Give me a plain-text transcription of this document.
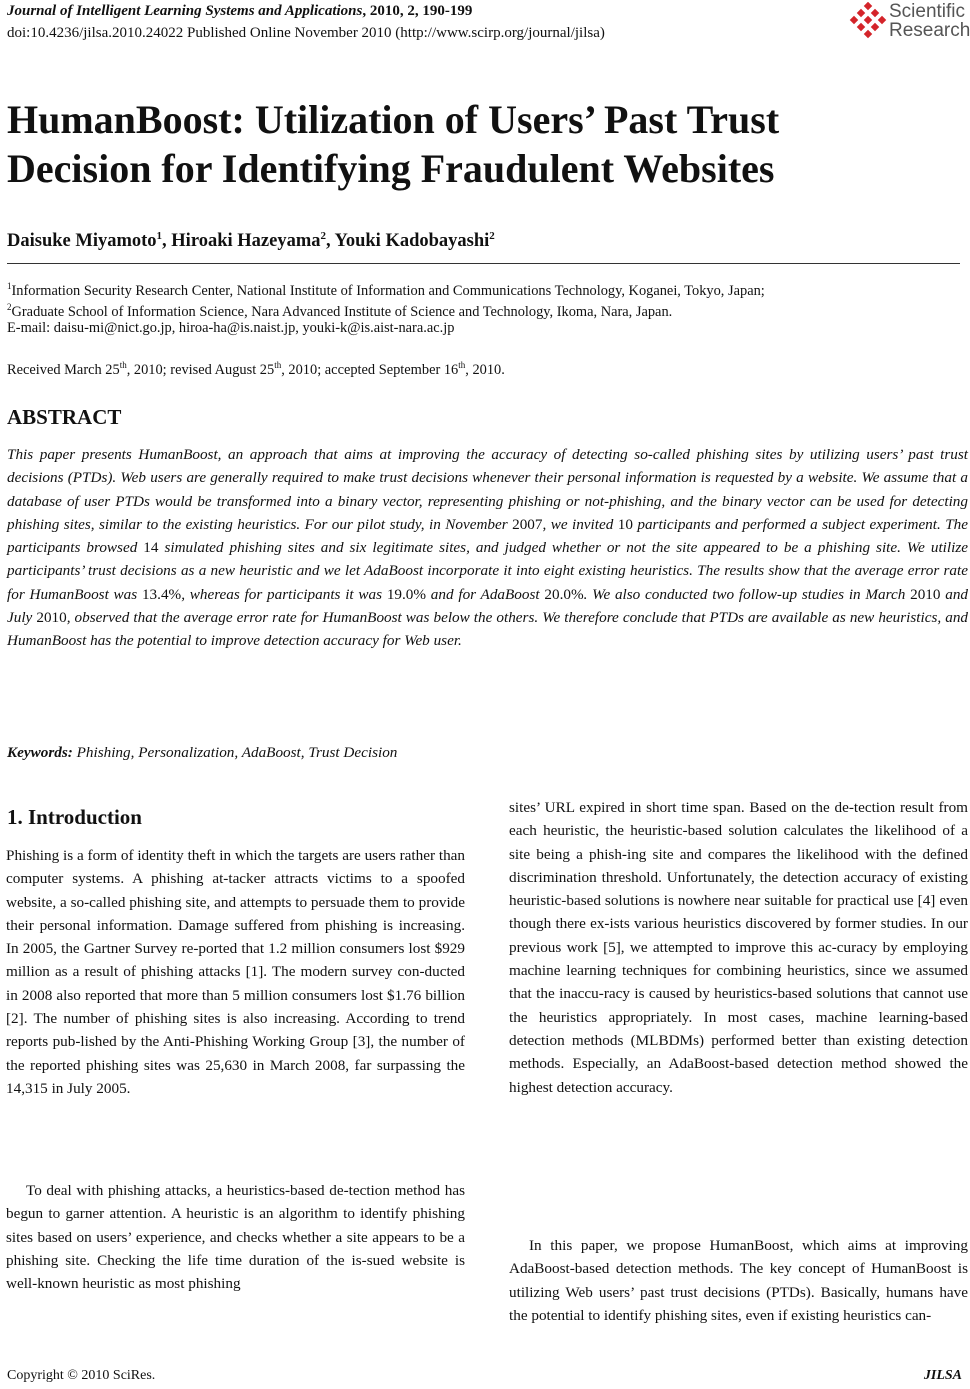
Journal of Intelligent Learning Systems and Applications, 2010, 2, 190-199
doi:10.4236/jilsa.2010.24022 Published Online November 2010 (http://www.scirp.org/journal/jilsa)
Scientific
Research
HumanBoost: Utilization of Users’ Past Trust
Decision for Identifying Fraudulent Websites
Daisuke Miyamoto$^1$, Hiroaki Hazeyama$^2$, Youki Kadobayashi$^2$
$^1$Information Security Research Center, National Institute of Information and Communications Technology, Koganei, Tokyo, Japan;
$^2$Graduate School of Information Science, Nara Advanced Institute of Science and Technology, Ikoma, Nara, Japan.
E-mail: daisu-mi@nict.go.jp, hiroa-ha@is.naist.jp, youki-k@is.aist-nara.ac.jp
Received March 25th, 2010; revised August 25th, 2010; accepted September 16th, 2010.
ABSTRACT

This paper presents HumanBoost, an approach that aims at improving the accuracy of detecting so-called phishing sites by utilizing users’ past trust decisions (PTDs). Web users are generally required to make trust decisions whenever their personal information is requested by a website. We assume that a database of user PTDs would be transformed into a binary vector, representing phishing or not-phishing, and the binary vector can be used for detecting phishing sites, similar to the existing heuristics. For our pilot study, in November 2007, we invited 10 participants and performed a subject experiment. The participants browsed 14 simulated phishing sites and six legitimate sites, and judged whether or not the site appeared to be a phishing site. We utilize participants’ trust decisions as a new heuristic and we let AdaBoost incorporate it into eight existing heuristics. The results show that the average error rate for HumanBoost was 13.4%, whereas for participants it was 19.0% and for AdaBoost 20.0%. We also conducted two follow-up studies in March 2010 and July 2010, observed that the average error rate for HumanBoost was below the others. We therefore conclude that PTDs are available as new heuristics, and HumanBoost has the potential to improve detection accuracy for Web user.

Keywords: Phishing, Personalization, AdaBoost, Trust Decision
1. Introduction

Phishing is a form of identity theft in which the targets are users rather than computer systems. A phishing at-tacker attracts victims to a spoofed website, a so-called phishing site, and attempts to persuade them to provide their personal information. Damage suffered from phishing is increasing. In 2005, the Gartner Survey re-ported that 1.2 million consumers lost $929 million as a result of phishing attacks [1]. The modern survey con-ducted in 2008 also reported that more than 5 million consumers lost $1.76 billion [2]. The number of phishing sites is also increasing. According to trend reports pub-lished by the Anti-Phishing Working Group [3], the number of the reported phishing sites was 25,630 in March 2008, far surpassing the 14,315 in July 2005.

To deal with phishing attacks, a heuristics-based de-tection method has begun to garner attention. A heuristic is an algorithm to identify phishing sites based on users’ experience, and checks whether a site appears to be a phishing site. Checking the life time duration of the is-sued website is well-known heuristic as most phishing

sites’ URL expired in short time span. Based on the de-tection result from each heuristic, the heuristic-based solution calculates the likelihood of a site being a phish-ing site and compares the likelihood with the defined discrimination threshold. Unfortunately, the detection accuracy of existing heuristic-based solutions is nowhere near suitable for practical use [4] even though there ex-ists various heuristics discovered by former studies. In our previous work [5], we attempted to improve this ac-curacy by employing machine learning techniques for combining heuristics, since we assumed that the inaccu-racy is caused by heuristics-based solutions that cannot use the heuristics appropriately. In most cases, machine learning-based detection methods (MLBDMs) performed better than existing detection methods. Especially, an AdaBoost-based detection method showed the highest detection accuracy.

In this paper, we propose HumanBoost, which aims at improving AdaBoost-based detection methods. The key concept of HumanBoost is utilizing Web users’ past trust decisions (PTDs). Basically, humans have the potential to identify phishing sites, even if existing heuristics can-

Copyright © 2010 SciRes.	JILSA
